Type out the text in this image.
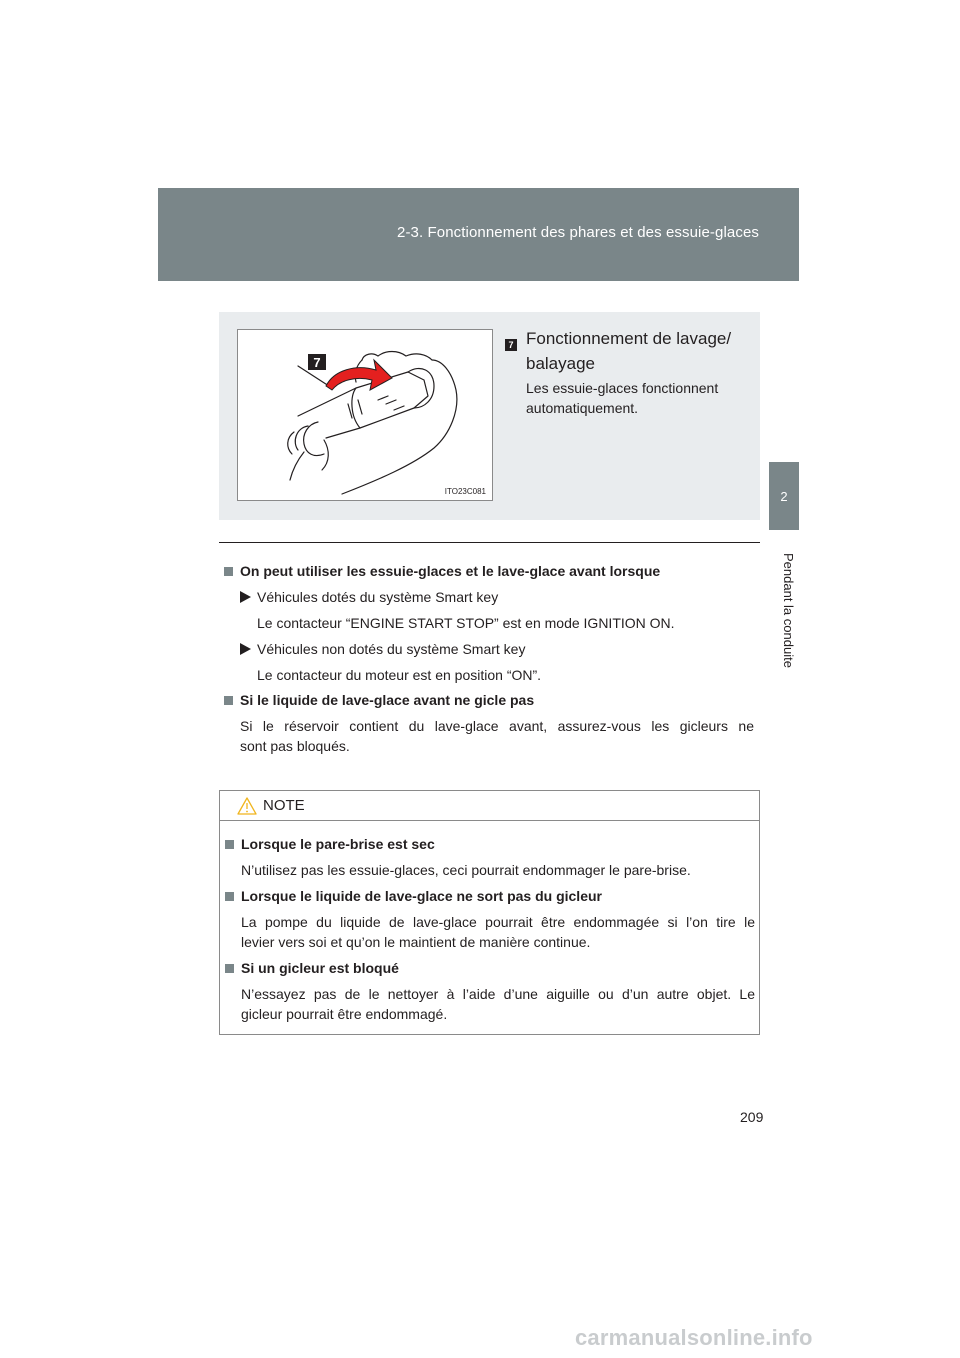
2-3. Fonctionnement des phares et des essuie-glaces
2
Pendant la conduite
7
ITO23C081
7 Fonctionnement de lavage/
balayage
Les essuie-glaces fonctionnent
automatiquement.
On peut utiliser les essuie-glaces et le lave-glace avant lorsque
Véhicules dotés du système Smart key
Le contacteur “ENGINE START STOP” est en mode IGNITION ON.
Véhicules non dotés du système Smart key
Le contacteur du moteur est en position “ON”.
Si le liquide de lave-glace avant ne gicle pas
Si le réservoir contient du lave-glace avant, assurez-vous les gicleurs ne
sont pas bloqués.
NOTE
Lorsque le pare-brise est sec
N’utilisez pas les essuie-glaces, ceci pourrait endommager le pare-brise.
Lorsque le liquide de lave-glace ne sort pas du gicleur
La pompe du liquide de lave-glace pourrait être endommagée si l’on tire le
levier vers soi et qu’on le maintient de manière continue.
Si un gicleur est bloqué
N’essayez pas de le nettoyer à l’aide d’une aiguille ou d’un autre objet. Le
gicleur pourrait être endommagé.
209
carmanualsonline.info
